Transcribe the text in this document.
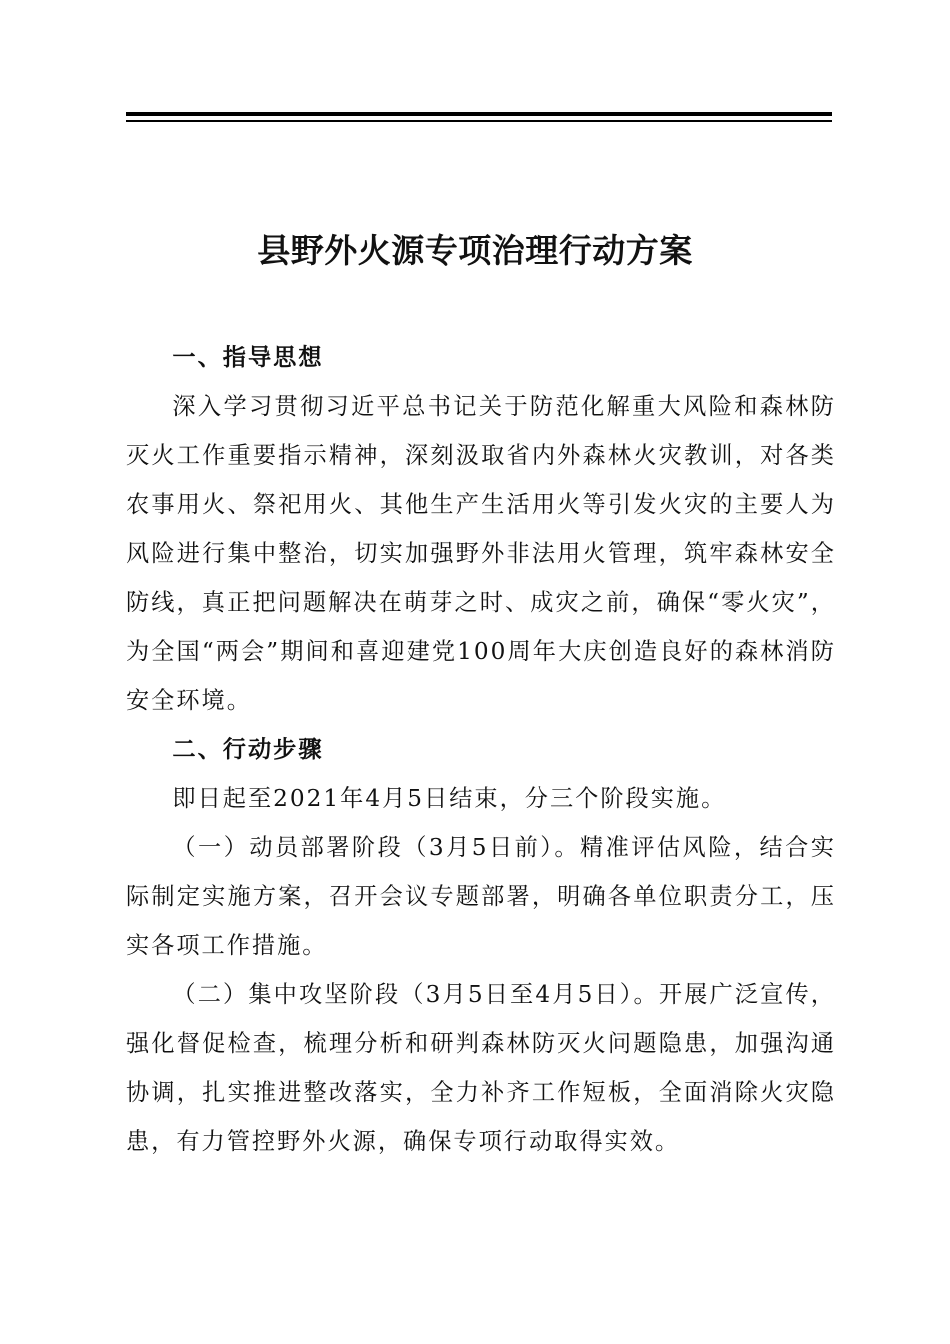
县野外火源专项治理行动方案

一、指导思想

深入学习贯彻习近平总书记关于防范化解重大风险和森林防灭火工作重要指示精神，深刻汲取省内外森林火灾教训，对各类农事用火、祭祀用火、其他生产生活用火等引发火灾的主要人为风险进行集中整治，切实加强野外非法用火管理，筑牢森林安全防线，真正把问题解决在萌芽之时、成灾之前，确保“零火灾”，为全国“两会”期间和喜迎建党100周年大庆创造良好的森林消防安全环境。

二、行动步骤

即日起至2021年4月5日结束，分三个阶段实施。

（一）动员部署阶段（3月5日前）。精准评估风险，结合实际制定实施方案，召开会议专题部署，明确各单位职责分工，压实各项工作措施。

（二）集中攻坚阶段（3月5日至4月5日）。开展广泛宣传，强化督促检查，梳理分析和研判森林防灭火问题隐患，加强沟通协调，扎实推进整改落实，全力补齐工作短板，全面消除火灾隐患，有力管控野外火源，确保专项行动取得实效。
